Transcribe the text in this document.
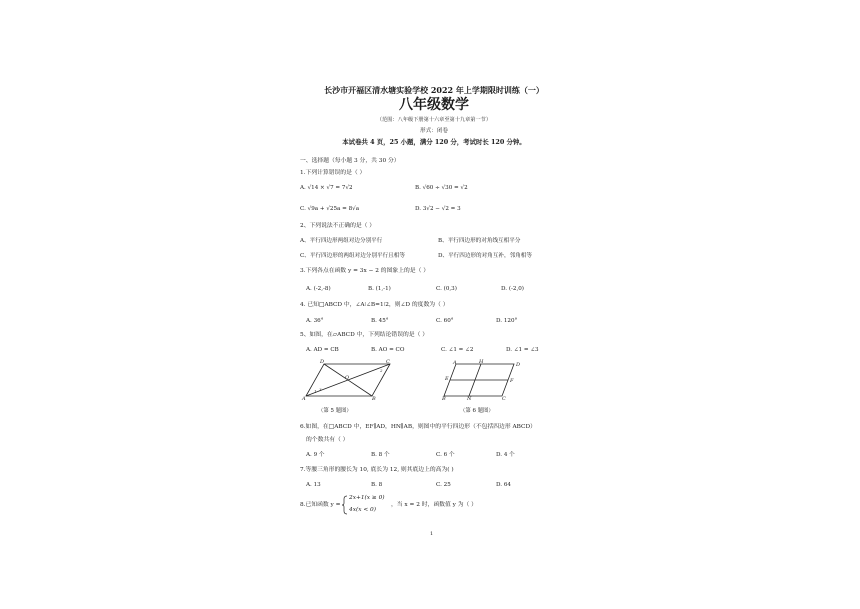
长沙市开福区清水塘实验学校 2022 年上学期限时训练（一）
八年级数学
（范围：八年级下册第十六章至第十九章第一节）
形式：闭卷
本试卷共 4 页，25 小题，满分 120 分，考试时长 120 分钟。
一、选择题（每小题 3 分，共 30 分）
1.下列计算错误的是（ ）
A. √14 × √7 = 7√2	B. √60 ÷ √30 = √2
C. √9a + √25a = 8√a	D. 3√2 − √2 = 3
2、下列说法不正确的是（ ）
A、平行四边形两组对边分别平行	B、平行四边形的对角线互相平分
C、平行四边形的两组对边分别平行且相等	D、平行四边形的对角互补，邻角相等
3.下列各点在函数 y = 3x − 2 的图象上的是（ ）
A. (-2,-8)	B. (1,-1)	C. (0,3)	D. (-2,0)
4. 已知□ABCD 中，∠A∶∠B=1∶2，则∠D 的度数为（ ）
A. 36°	B. 45°	C. 60°	D. 120°
5、如图，在▱ABCD 中，下列结论错误的是（ ）
A. AD = CB	B. AO = CO	C. ∠1 = ∠2	D. ∠1 = ∠3
D	C
O
A	B
1
2
3
（第 5 题图）
A	H	D
E	F
B	N	C
（第 6 题图）
6.如图，在□ABCD 中，EF∥AD，HN∥AB，则图中的平行四边形（不包括四边形 ABCD）
的个数共有（ ）
A. 9 个	B. 8 个	C. 6 个	D. 4 个
7.等腰三角形的腰长为 10, 底长为 12, 则其底边上的高为( )
A. 13	B. 8	C. 25	D. 64
8.已知函数 y =
2x+1(x ≥ 0)
4x(x < 0)
，当 x = 2 时，函数值 y 为（ ）
1
